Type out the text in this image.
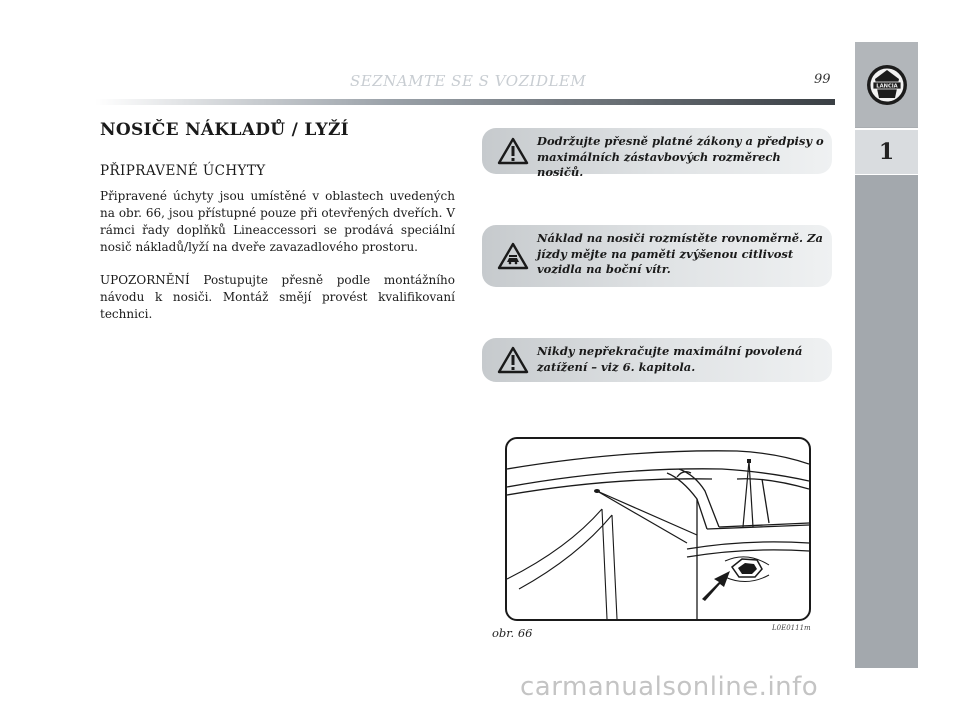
LANCIA
1
SEZNAMTE SE S VOZIDLEM	99
NOSIČE NÁKLADŮ / LYŽÍ
PŘIPRAVENÉ ÚCHYTY

Připravené úchyty jsou umístěné v oblastech uvedených na obr. 66, jsou přístupné pouze při otevřených dveřích. V rámci řady doplňků Lineaccessori se prodává speciální nosič nákladů/lyží na dveře zavazadlového prostoru.

UPOZORNĚNÍ Postupujte přesně podle montážního návodu k nosiči. Montáž smějí provést kvalifikovaní technici.

Dodržujte přesně platné zákony a předpisy o maximálních zástavbových rozměrech nosičů.

Náklad na nosiči rozmístěte rovnoměrně. Za jízdy mějte na paměti zvýšenou citlivost vozidla na boční vítr.

Nikdy nepřekračujte maximální povolená zatížení – viz 6. kapitola.

obr. 66	L0E0111m
carmanualsonline.info
